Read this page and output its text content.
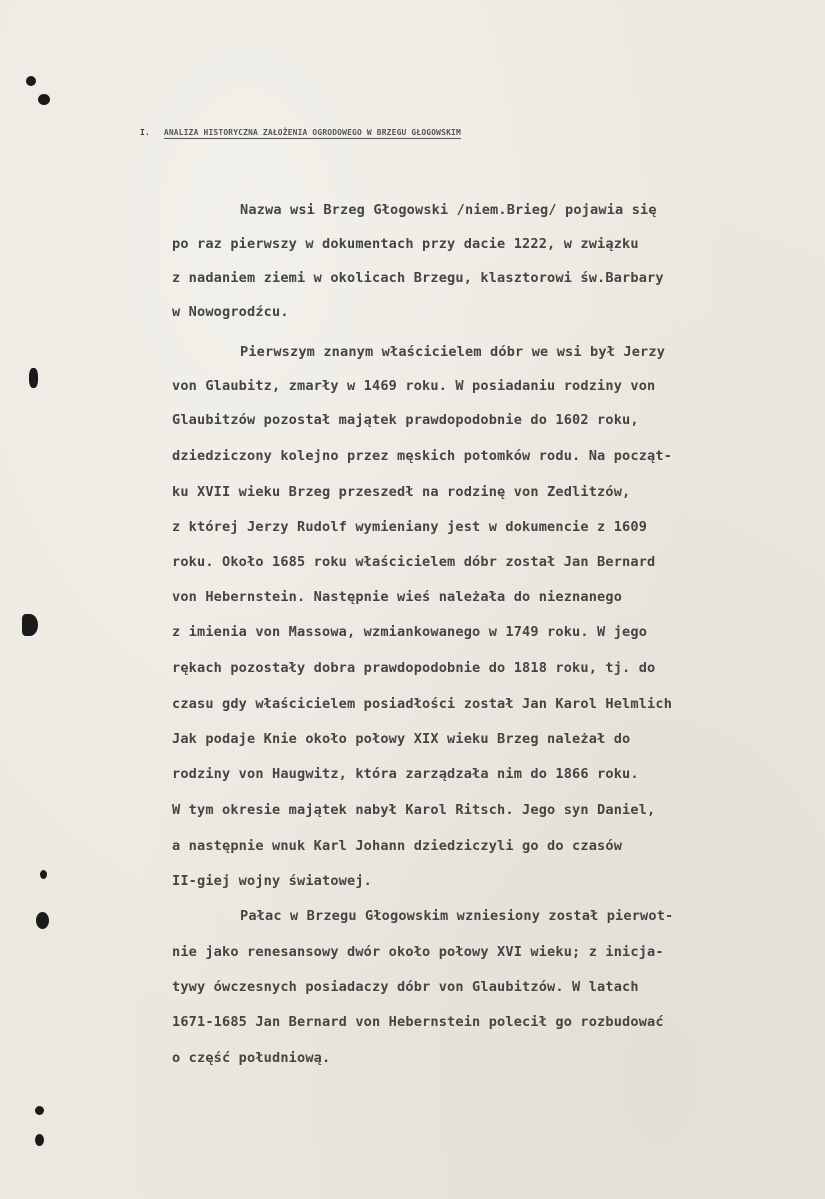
I. ANALIZA HISTORYCZNA ZAŁOŻENIA OGRODOWEGO W BRZEGU GŁOGOWSKIM
Nazwa wsi Brzeg Głogowski /niem.Brieg/ pojawia się
po raz pierwszy w dokumentach przy dacie 1222, w związku
z nadaniem ziemi w okolicach Brzegu, klasztorowi św.Barbary
w Nowogrodźcu.
Pierwszym znanym właścicielem dóbr we wsi był Jerzy
von Glaubitz, zmarły w 1469 roku. W posiadaniu rodziny von
Glaubitzów pozostał majątek prawdopodobnie do 1602 roku,
dziedziczony kolejno przez męskich potomków rodu. Na począt-
ku XVII wieku Brzeg przeszedł na rodzinę von Zedlitzów,
z której Jerzy Rudolf wymieniany jest w dokumencie z 1609
roku. Około 1685 roku właścicielem dóbr został Jan Bernard
von Hebernstein. Następnie wieś należała do nieznanego
z imienia von Massowa, wzmiankowanego w 1749 roku. W jego
rękach pozostały dobra prawdopodobnie do 1818 roku, tj. do
czasu gdy właścicielem posiadłości został Jan Karol Helmlich
Jak podaje Knie około połowy XIX wieku Brzeg należał do
rodziny von Haugwitz, która zarządzała nim do 1866 roku.
W tym okresie majątek nabył Karol Ritsch. Jego syn Daniel,
a następnie wnuk Karl Johann dziedziczyli go do czasów
II-giej wojny światowej.
Pałac w Brzegu Głogowskim wzniesiony został pierwot-
nie jako renesansowy dwór około połowy XVI wieku; z inicja-
tywy ówczesnych posiadaczy dóbr von Glaubitzów. W latach
1671-1685 Jan Bernard von Hebernstein polecił go rozbudować
o część południową.
